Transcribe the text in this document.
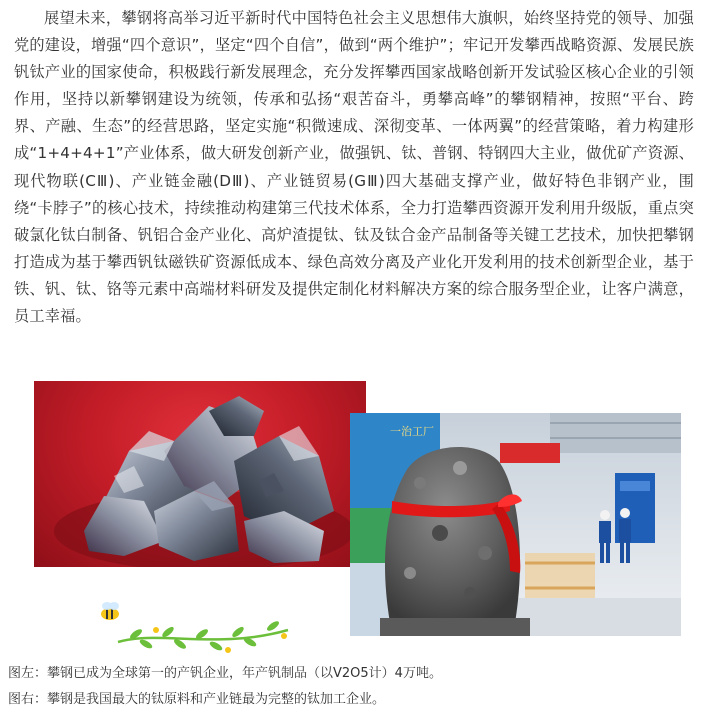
展望未来，攀钢将高举习近平新时代中国特色社会主义思想伟大旗帜，始终坚持党的领导、加强党的建设，增强“四个意识”，坚定“四个自信”，做到“两个维护”；牢记开发攀西战略资源、发展民族钒钛产业的国家使命，积极践行新发展理念，充分发挥攀西国家战略创新开发试验区核心企业的引领作用，坚持以新攀钢建设为统领，传承和弘扬“艰苦奋斗，勇攀高峰”的攀钢精神，按照“平台、跨界、产融、生态”的经营思路，坚定实施“积微速成、深彻变革、一体两翼”的经营策略，着力构建形成“1+4+4+1”产业体系，做大研发创新产业，做强钒、钛、普钢、特钢四大主业，做优矿产资源、现代物联(CⅢ)、产业链金融(DⅢ)、产业链贸易(GⅢ)四大基础支撑产业，做好特色非钢产业，围绕“卡脖子”的核心技术，持续推动构建第三代技术体系，全力打造攀西资源开发利用升级版，重点突破氯化钛白制备、钒铝合金产业化、高炉渣提钛、钛及钛合金产品制备等关键工艺技术，加快把攀钢打造成为基于攀西钒钛磁铁矿资源低成本、绿色高效分离及产业化开发利用的技术创新型企业，基于铁、钒、钛、铬等元素中高端材料研发及提供定制化材料解决方案的综合服务型企业，让客户满意，员工幸福。

一治工厂

图左：攀钢已成为全球第一的产钒企业，年产钒制品（以V2O5计）4万吨。

图右：攀钢是我国最大的钛原料和产业链最为完整的钛加工企业。
